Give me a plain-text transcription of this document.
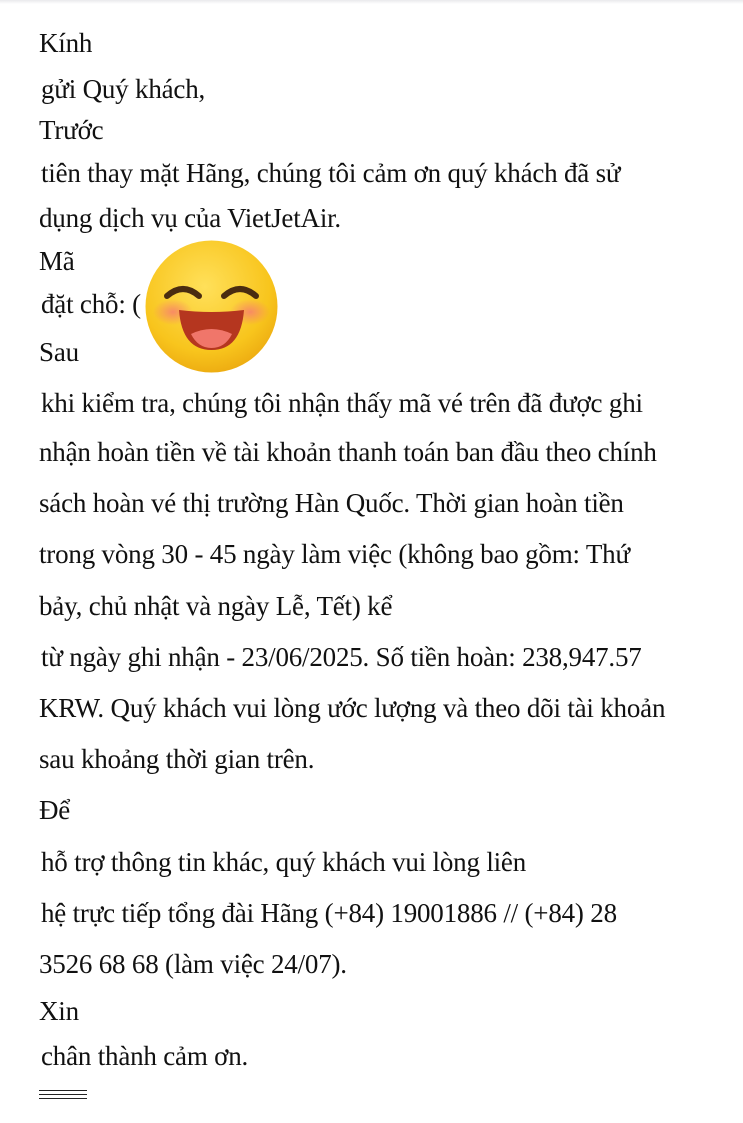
Kính
gửi Quý khách,
Trước
tiên thay mặt Hãng, chúng tôi cảm ơn quý khách đã sử
dụng dịch vụ của VietJetAir.
Mã
đặt chỗ: (
Sau
khi kiểm tra, chúng tôi nhận thấy mã vé trên đã được ghi
nhận hoàn tiền về tài khoản thanh toán ban đầu theo chính
sách hoàn vé thị trường Hàn Quốc. Thời gian hoàn tiền
trong vòng 30 - 45 ngày làm việc (không bao gồm: Thứ
bảy, chủ nhật và ngày Lễ, Tết) kể
từ ngày ghi nhận - 23/06/2025. Số tiền hoàn: 238,947.57
KRW. Quý khách vui lòng ước lượng và theo dõi tài khoản
sau khoảng thời gian trên.
Để
hỗ trợ thông tin khác, quý khách vui lòng liên
hệ trực tiếp tổng đài Hãng (+84) 19001886 // (+84) 28
3526 68 68 (làm việc 24/07).
Xin
chân thành cảm ơn.
